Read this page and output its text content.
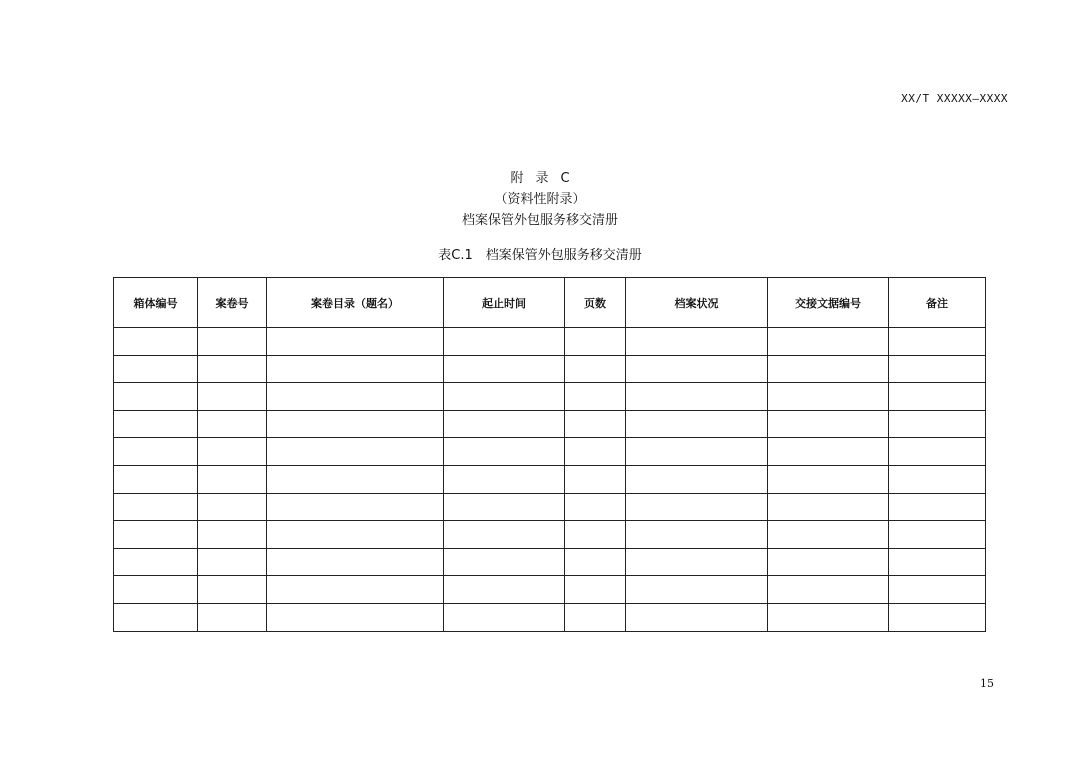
XX/T XXXXX—XXXX
附录C
（资料性附录）
档案保管外包服务移交清册
表C.1　档案保管外包服务移交清册
箱体编号	案卷号	案卷目录（题名）	起止时间	页数	档案状况	交接文据编号	备注

15
